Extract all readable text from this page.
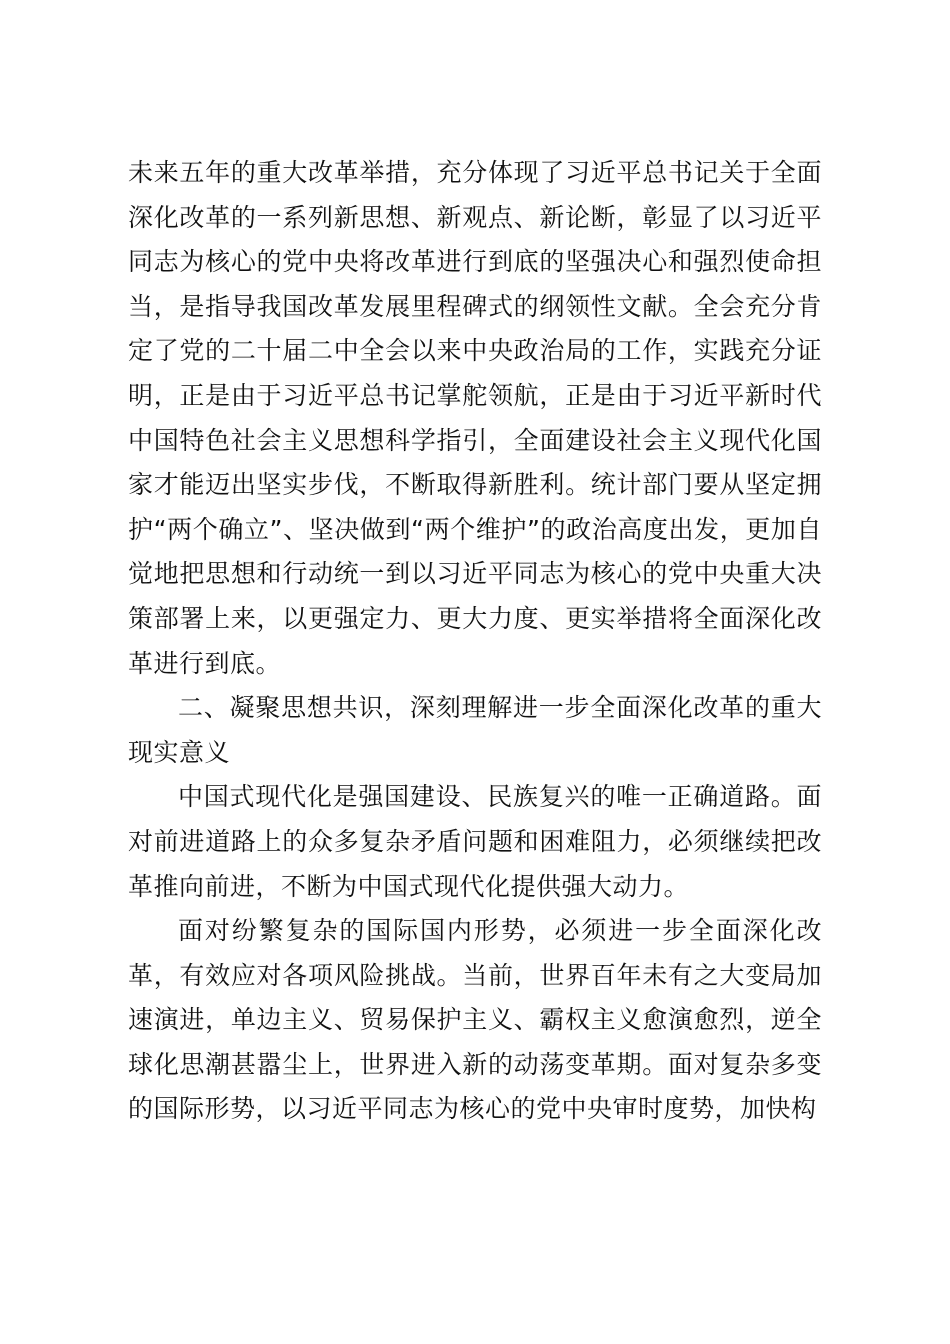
未来五年的重大改革举措，充分体现了习近平总书记关于全面深化改革的一系列新思想、新观点、新论断，彰显了以习近平同志为核心的党中央将改革进行到底的坚强决心和强烈使命担当，是指导我国改革发展里程碑式的纲领性文献。全会充分肯定了党的二十届二中全会以来中央政治局的工作，实践充分证明，正是由于习近平总书记掌舵领航，正是由于习近平新时代中国特色社会主义思想科学指引，全面建设社会主义现代化国家才能迈出坚实步伐，不断取得新胜利。统计部门要从坚定拥护“两个确立”、坚决做到“两个维护”的政治高度出发，更加自觉地把思想和行动统一到以习近平同志为核心的党中央重大决策部署上来，以更强定力、更大力度、更实举措将全面深化改革进行到底。

二、凝聚思想共识，深刻理解进一步全面深化改革的重大现实意义

中国式现代化是强国建设、民族复兴的唯一正确道路。面对前进道路上的众多复杂矛盾问题和困难阻力，必须继续把改革推向前进，不断为中国式现代化提供强大动力。

面对纷繁复杂的国际国内形势，必须进一步全面深化改革，有效应对各项风险挑战。当前，世界百年未有之大变局加速演进，单边主义、贸易保护主义、霸权主义愈演愈烈，逆全球化思潮甚嚣尘上，世界进入新的动荡变革期。面对复杂多变的国际形势，以习近平同志为核心的党中央审时度势，加快构
